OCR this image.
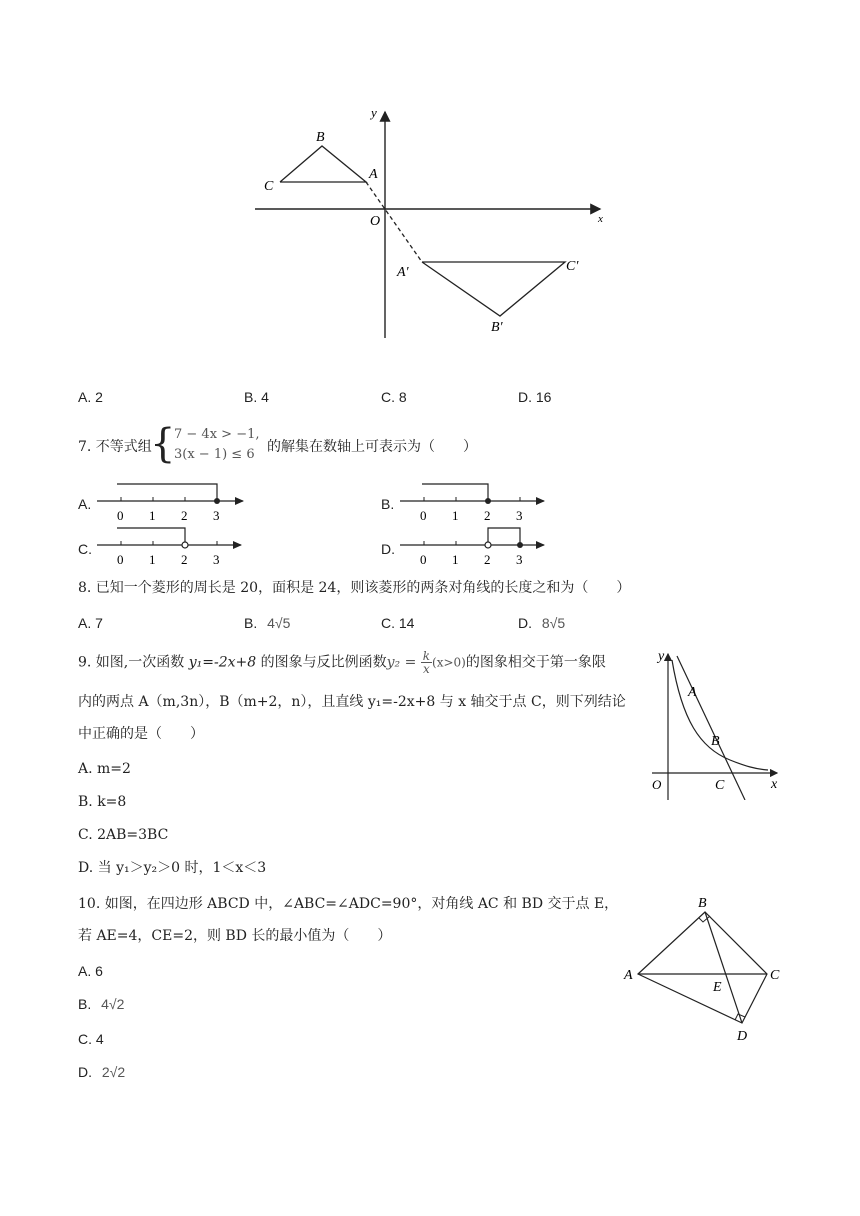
y
x
O
A
B
C
A′	C′
B′
A. 2	B. 4	C. 8	D. 16
7. 不等式组
{
7 − 4x > −1,
3(x − 1) ≤ 6 的解集在数轴上可表示为（　　）
A.	B.
C.	D.
0 1 2 3	0 1 2 3
0 1 2 3	0 1 2 3
8. 已知一个菱形的周长是 20，面积是 24，则该菱形的两条对角线的长度之和为（　　）
A. 7	B. 4√5	C. 14	D. 8√5
9. 如图,一次函数 y₁=-2x+8 的图象与反比例函数$y_2 = \frac{k}{x} (x>0)$的图象相交于第一象限
内的两点 A（m,3n），B（m+2，n），且直线 y₁=-2x+8 与 x 轴交于点 C，则下列结论
中正确的是（　　）
A. m=2
B. k=8
C. 2AB=3BC
D. 当 y₁＞y₂＞0 时，1＜x＜3
y
x
O
A
B
C
10. 如图，在四边形 ABCD 中，∠ABC=∠ADC=90°，对角线 AC 和 BD 交于点 E，
若 AE=4，CE=2，则 BD 长的最小值为（　　）
A. 6
B. 4√2
C. 4
D. 2√2
B
A	C
E
D
